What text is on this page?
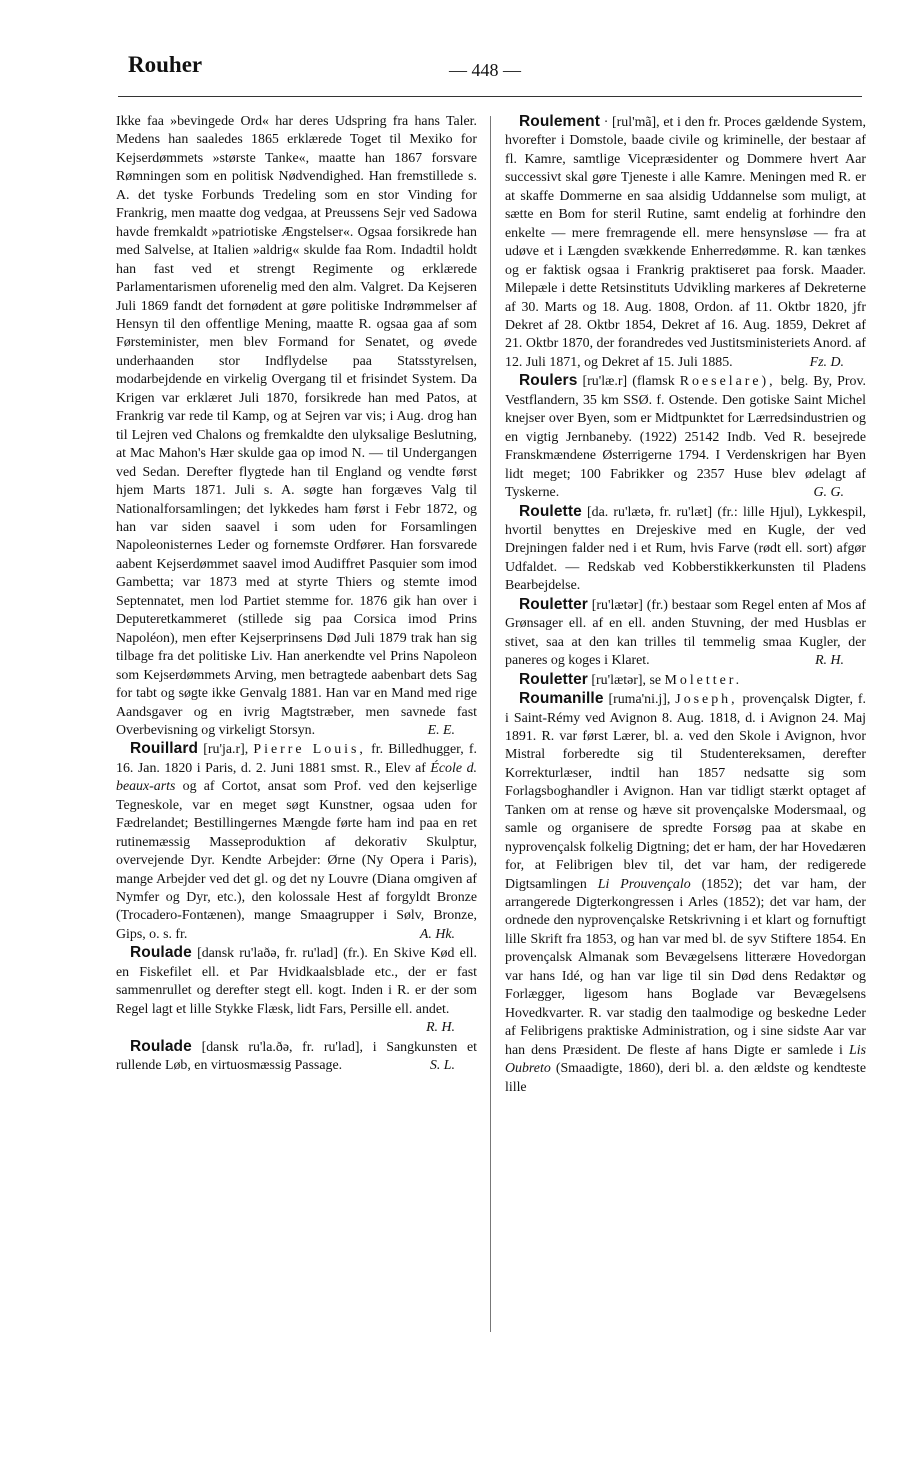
Rouher	— 448 —

Ikke faa »bevingede Ord« har deres Udspring fra hans Taler. Medens han saaledes 1865 erklærede Toget til Mexiko for Kejserdømmets »største Tanke«, maatte han 1867 forsvare Rømningen som en politisk Nødvendighed. Han fremstillede s. A. det tyske Forbunds Tredeling som en stor Vinding for Frankrig, men maatte dog vedgaa, at Preussens Sejr ved Sadowa havde fremkaldt »patriotiske Ængstelser«. Ogsaa forsikrede han med Salvelse, at Italien »aldrig« skulde faa Rom. Indadtil holdt han fast ved et strengt Regimente og erklærede Parlamentarismen uforenelig med den alm. Valgret. Da Kejseren Juli 1869 fandt det fornødent at gøre politiske Indrømmelser af Hensyn til den offentlige Mening, maatte R. ogsaa gaa af som Førsteminister, men blev Formand for Senatet, og øvede underhaanden stor Indflydelse paa Statsstyrelsen, modarbejdende en virkelig Overgang til et frisindet System. Da Krigen var erklæret Juli 1870, forsikrede han med Patos, at Frankrig var rede til Kamp, og at Sejren var vis; i Aug. drog han til Lejren ved Chalons og fremkaldte den ulyksalige Beslutning, at Mac Mahon's Hær skulde gaa op imod N. — til Undergangen ved Sedan. Derefter flygtede han til England og vendte først hjem Marts 1871. Juli s. A. søgte han forgæves Valg til Nationalforsamlingen; det lykkedes ham først i Febr 1872, og han var siden saavel i som uden for Forsamlingen Napoleonisternes Leder og fornemste Ordfører. Han forsvarede aabent Kejserdømmet saavel imod Audiffret Pasquier som imod Gambetta; var 1873 med at styrte Thiers og stemte imod Septennatet, men lod Partiet stemme for. 1876 gik han over i Deputeretkammeret (stillede sig paa Corsica imod Prins Napoléon), men efter Kejserprinsens Død Juli 1879 trak han sig tilbage fra det politiske Liv. Han anerkendte vel Prins Napoleon som Kejserdømmets Arving, men betragtede aabenbart dets Sag for tabt og søgte ikke Genvalg 1881. Han var en Mand med rige Aandsgaver og en ivrig Magtstræber, men savnede fast Overbevisning og virkeligt Storsyn.	E. E.

Rouillard [ru'ja.r], Pierre Louis, fr. Billedhugger, f. 16. Jan. 1820 i Paris, d. 2. Juni 1881 smst. R., Elev af École d. beaux-arts og af Cortot, ansat som Prof. ved den kejserlige Tegneskole, var en meget søgt Kunstner, ogsaa uden for Fædrelandet; Bestillingernes Mængde førte ham ind paa en ret rutinemæssig Masseproduktion af dekorativ Skulptur, overvejende Dyr. Kendte Arbejder: Ørne (Ny Opera i Paris), mange Arbejder ved det gl. og det ny Louvre (Diana omgiven af Nymfer og Dyr, etc.), den kolossale Hest af forgyldt Bronze (Trocadero-Fontænen), mange Smaagrupper i Sølv, Bronze, Gips, o. s. fr.	A. Hk.

Roulade [dansk ru'laðə, fr. ru'lad] (fr.). En Skive Kød ell. en Fiskefilet ell. et Par Hvidkaalsblade etc., der er fast sammenrullet og derefter stegt ell. kogt. Inden i R. er der som Regel lagt et lille Stykke Flæsk, lidt Fars, Persille ell. andet.
R. H.

Roulade [dansk ru'la.ðə, fr. ru'lad], i Sangkunsten et rullende Løb, en virtuosmæssig Passage.	S. L.

Roulement · [rul'mã], et i den fr. Proces gældende System, hvorefter i Domstole, baade civile og kriminelle, der bestaar af fl. Kamre, samtlige Vicepræsidenter og Dommere hvert Aar successivt skal gøre Tjeneste i alle Kamre. Meningen med R. er at skaffe Dommerne en saa alsidig Uddannelse som muligt, at sætte en Bom for steril Rutine, samt endelig at forhindre den enkelte — mere fremragende ell. mere hensynsløse — fra at udøve et i Længden svækkende Enherredømme. R. kan tænkes og er faktisk ogsaa i Frankrig praktiseret paa forsk. Maader. Milepæle i dette Retsinstituts Udvikling markeres af Dekreterne af 30. Marts og 18. Aug. 1808, Ordon. af 11. Oktbr 1820, jfr Dekret af 28. Oktbr 1854, Dekret af 16. Aug. 1859, Dekret af 21. Oktbr 1870, der forandredes ved Justitsministeriets Anord. af 12. Juli 1871, og Dekret af 15. Juli 1885.	Fz. D.

Roulers [ru'læ.r] (flamsk Roeselare), belg. By, Prov. Vestflandern, 35 km SSØ. f. Ostende. Den gotiske Saint Michel knejser over Byen, som er Midtpunktet for Lærredsindustrien og en vigtig Jernbaneby. (1922) 25142 Indb. Ved R. besejrede Franskmændene Østerrigerne 1794. I Verdenskrigen har Byen lidt meget; 100 Fabrikker og 2357 Huse blev ødelagt af Tyskerne.	G. G.

Roulette [da. ru'lætə, fr. ru'læt] (fr.: lille Hjul), Lykkespil, hvortil benyttes en Drejeskive med en Kugle, der ved Drejningen falder ned i et Rum, hvis Farve (rødt ell. sort) afgør Udfaldet. — Redskab ved Kobberstikkerkunsten til Pladens Bearbejdelse.

Rouletter [ru'lætər] (fr.) bestaar som Regel enten af Mos af Grønsager ell. af en ell. anden Stuvning, der med Husblas er stivet, saa at den kan trilles til temmelig smaa Kugler, der paneres og koges i Klaret.	R. H.

Rouletter [ru'lætər], se Moletter.

Roumanille [ruma'ni.j], Joseph, provençalsk Digter, f. i Saint-Rémy ved Avignon 8. Aug. 1818, d. i Avignon 24. Maj 1891. R. var først Lærer, bl. a. ved den Skole i Avignon, hvor Mistral forberedte sig til Studentereksamen, derefter Korrekturlæser, indtil han 1857 nedsatte sig som Forlagsboghandler i Avignon. Han var tidligt stærkt optaget af Tanken om at rense og hæve sit provençalske Modersmaal, og samle og organisere de spredte Forsøg paa at skabe en nyprovençalsk folkelig Digtning; det er ham, der har Hovedæren for, at Felibrigen blev til, det var ham, der redigerede Digtsamlingen Li Prouvençalo (1852); det var ham, der arrangerede Digterkongressen i Arles (1852); det var ham, der ordnede den nyprovençalske Retskrivning i et klart og fornuftigt lille Skrift fra 1853, og han var med bl. de syv Stiftere 1854. En provençalsk Almanak som Bevægelsens litterære Hovedorgan var hans Idé, og han var lige til sin Død dens Redaktør og Forlægger, ligesom hans Boglade var Bevægelsens Hovedkvarter. R. var stadig den taalmodige og beskedne Leder af Felibrigens praktiske Administration, og i sine sidste Aar var han dens Præsident. De fleste af hans Digte er samlede i Lis Oubreto (Smaadigte, 1860), deri bl. a. den ældste og kendteste lille
